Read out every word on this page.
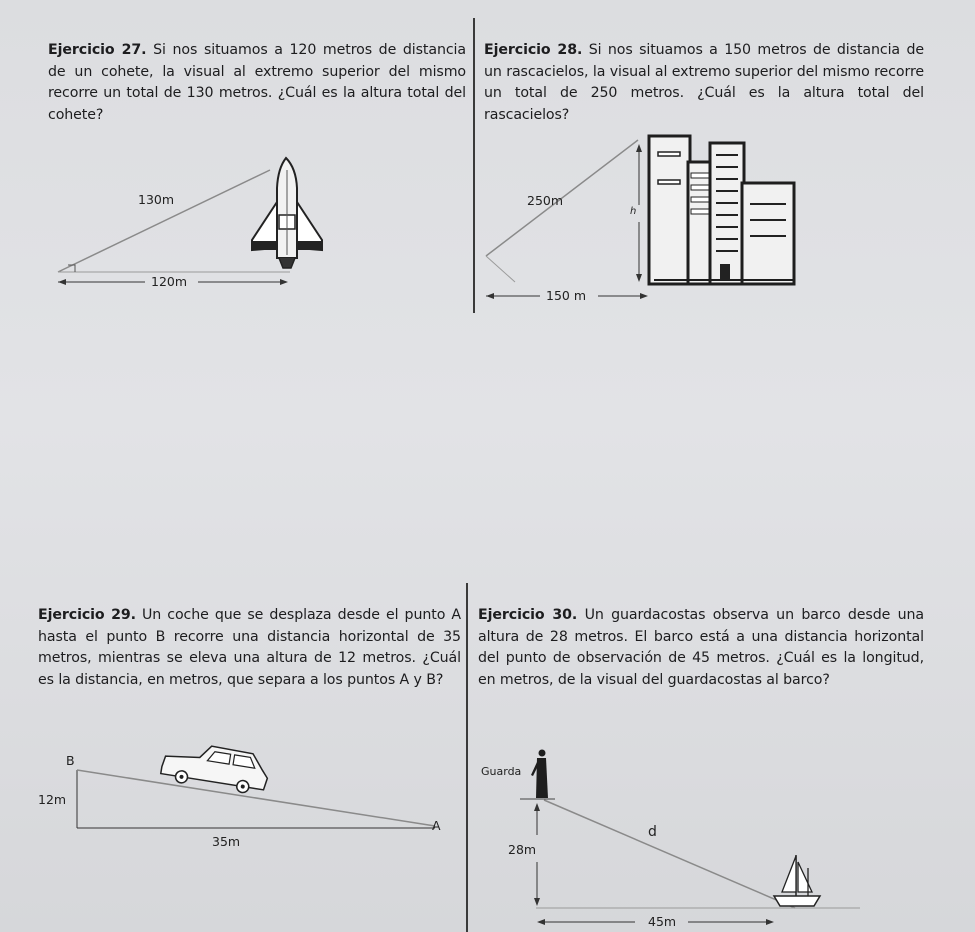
Ejercicio 27. Si nos situamos a 120 metros de distancia de un cohete, la visual al extremo superior del mismo recorre un total de 130 metros. ¿Cuál es la altura total del cohete?
Ejercicio 28. Si nos situamos a 150 metros de distancia de un rascacielos, la visual al extremo superior del mismo recorre un total de 250 metros. ¿Cuál es la altura total del rascacielos?
Ejercicio 29. Un coche que se desplaza desde el punto A hasta el punto B recorre una distancia horizontal de 35 metros, mientras se eleva una altura de 12 metros. ¿Cuál es la distancia, en metros, que separa a los puntos A y B?
Ejercicio 30. Un guardacostas observa un barco desde una altura de 28 metros. El barco está a una distancia horizontal del punto de observación de 45 metros. ¿Cuál es la longitud, en metros, de la visual del guardacostas al barco?
130m
120m
250m
h
150 m
B
12m
A
35m
Guarda
d
28m
45m
